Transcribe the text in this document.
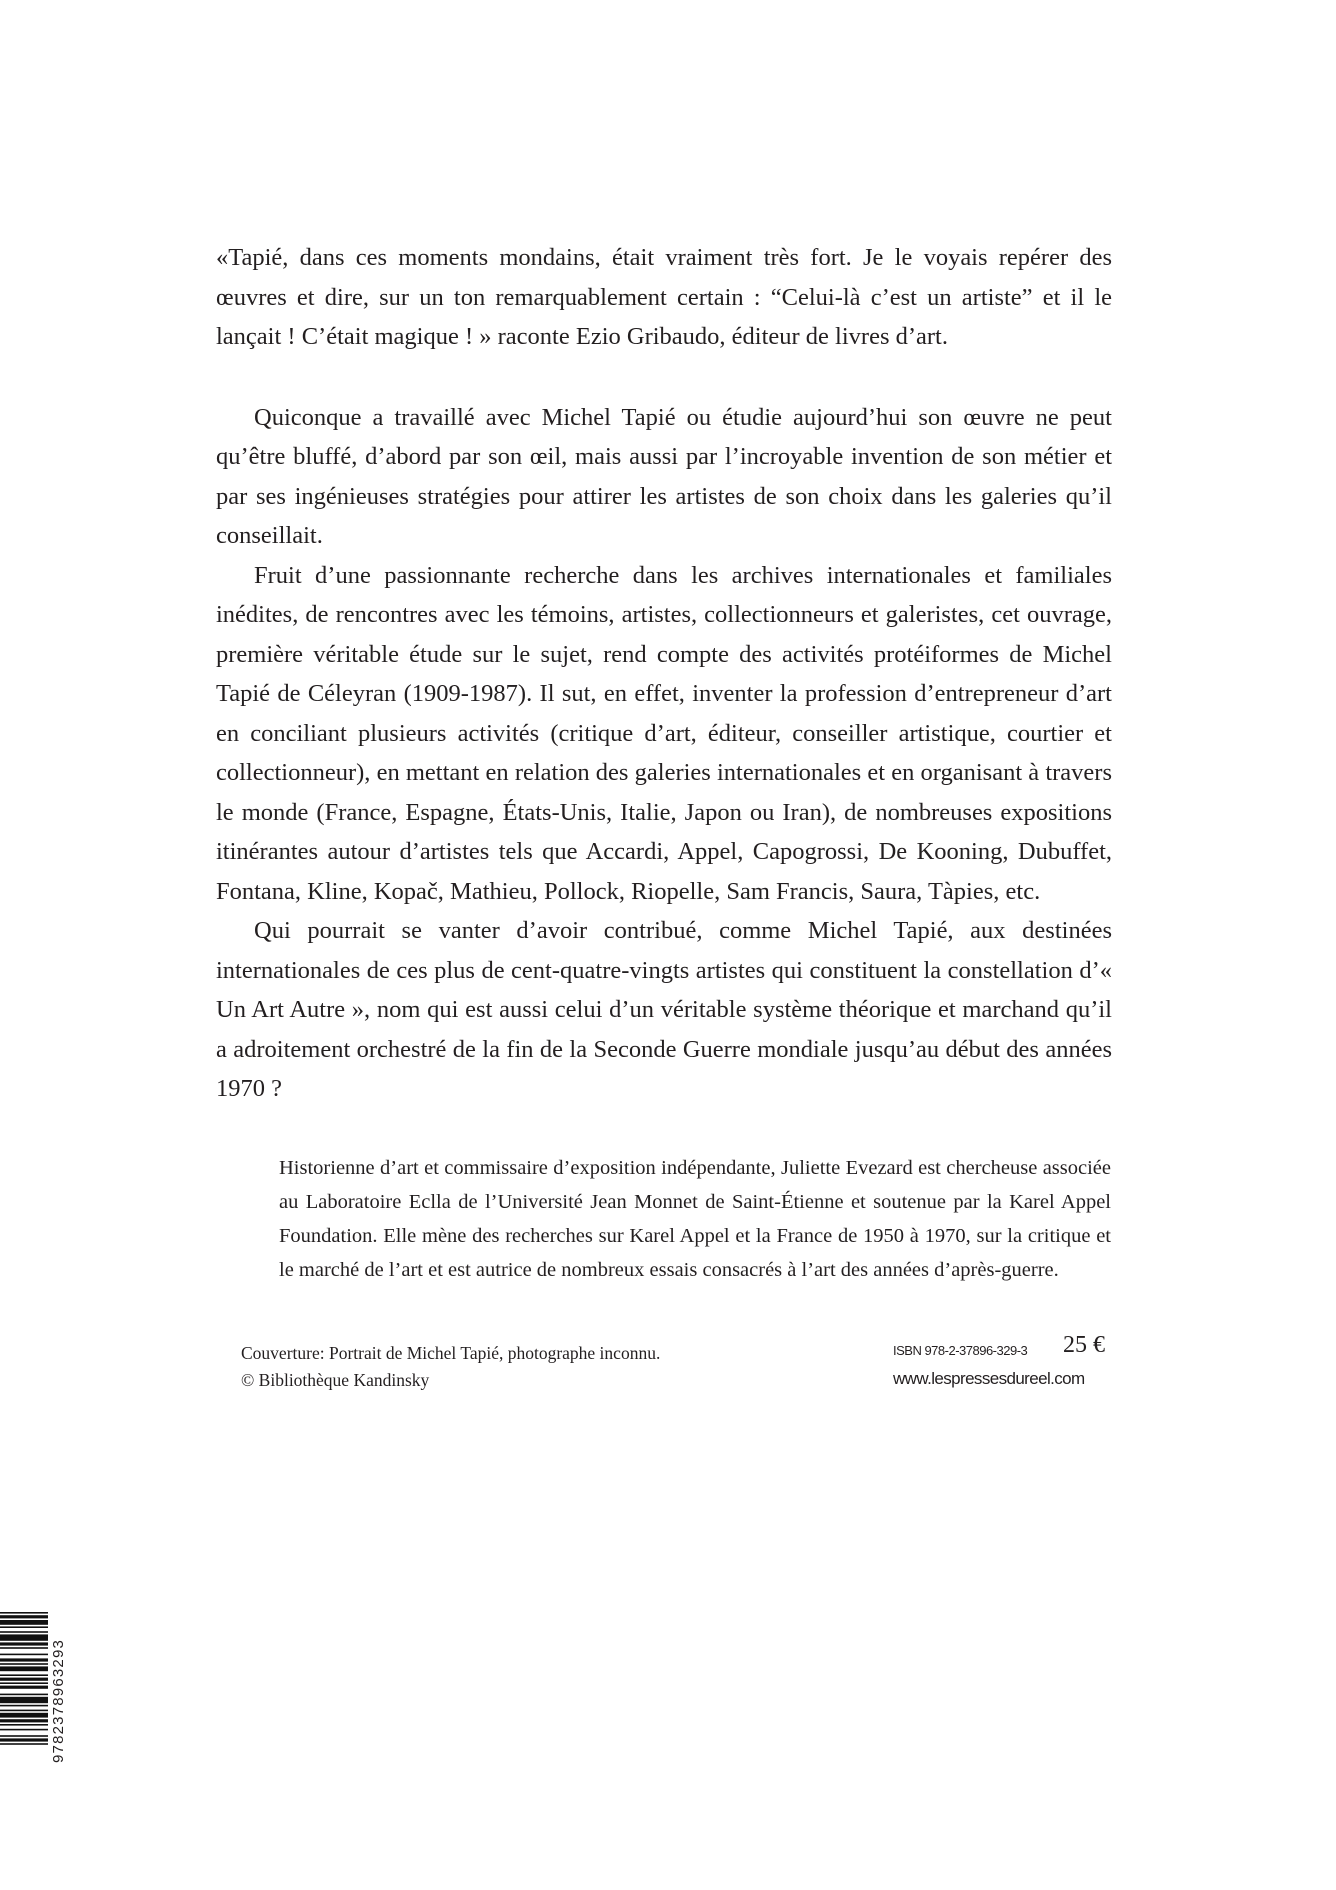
«Tapié, dans ces moments mondains, était vraiment très fort. Je le voyais repérer des œuvres et dire, sur un ton remarquablement certain : “Celui-là c’est un artiste” et il le lançait ! C’était magique ! » raconte Ezio Gribaudo, éditeur de livres d’art.

Quiconque a travaillé avec Michel Tapié ou étudie aujourd’hui son œuvre ne peut qu’être bluffé, d’abord par son œil, mais aussi par l’incroyable invention de son métier et par ses ingénieuses stratégies pour attirer les artistes de son choix dans les galeries qu’il conseillait.

Fruit d’une passionnante recherche dans les archives internationales et familiales inédites, de rencontres avec les témoins, artistes, collectionneurs et galeristes, cet ouvrage, première véritable étude sur le sujet, rend compte des activités protéiformes de Michel Tapié de Céleyran (1909-1987). Il sut, en effet, inventer la profession d’entrepreneur d’art en conciliant plusieurs activités (critique d’art, éditeur, conseiller artistique, courtier et collectionneur), en mettant en relation des galeries internationales et en organisant à travers le monde (France, Espagne, États-Unis, Italie, Japon ou Iran), de nombreuses expositions itinérantes autour d’artistes tels que Accardi, Appel, Capogrossi, De Kooning, Dubuffet, Fontana, Kline, Kopač, Mathieu, Pollock, Riopelle, Sam Francis, Saura, Tàpies, etc.

Qui pourrait se vanter d’avoir contribué, comme Michel Tapié, aux destinées internationales de ces plus de cent-quatre-vingts artistes qui constituent la constellation d’« Un Art Autre », nom qui est aussi celui d’un véritable système théorique et marchand qu’il a adroitement orchestré de la fin de la Seconde Guerre mondiale jusqu’au début des années 1970 ?

Historienne d’art et commissaire d’exposition indépendante, Juliette Evezard est chercheuse associée au Laboratoire Eclla de l’Université Jean Monnet de Saint-Étienne et soutenue par la Karel Appel Foundation. Elle mène des recherches sur Karel Appel et la France de 1950 à 1970, sur la critique et le marché de l’art et est autrice de nombreux essais consacrés à l’art des années d’après-guerre.

Couverture: Portrait de Michel Tapié, photographe inconnu.
© Bibliothèque Kandinsky
ISBN 978-2-37896-329-3 25 €
www.lespressesdureel.com
9782378963293
